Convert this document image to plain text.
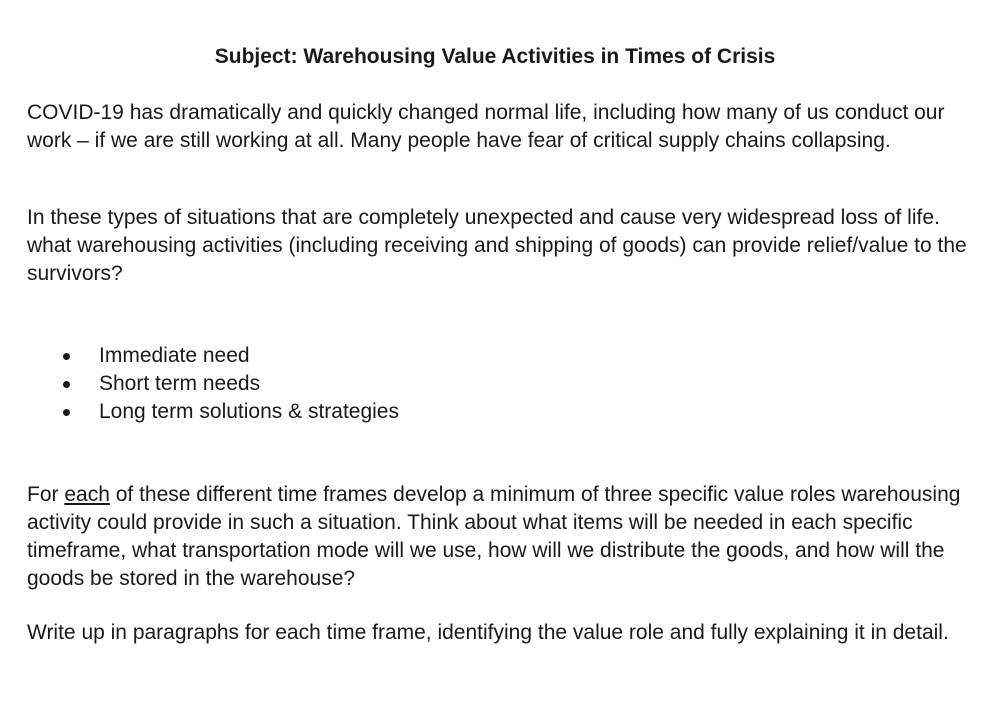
Subject: Warehousing Value Activities in Times of Crisis

COVID-19 has dramatically and quickly changed normal life, including how many of us conduct our work – if we are still working at all. Many people have fear of critical supply chains collapsing.

In these types of situations that are completely unexpected and cause very widespread loss of life. what warehousing activities (including receiving and shipping of goods) can provide relief/value to the survivors?

Immediate need
Short term needs
Long term solutions & strategies

For each of these different time frames develop a minimum of three specific value roles warehousing activity could provide in such a situation. Think about what items will be needed in each specific timeframe, what transportation mode will we use, how will we distribute the goods, and how will the goods be stored in the warehouse?

Write up in paragraphs for each time frame, identifying the value role and fully explaining it in detail.
